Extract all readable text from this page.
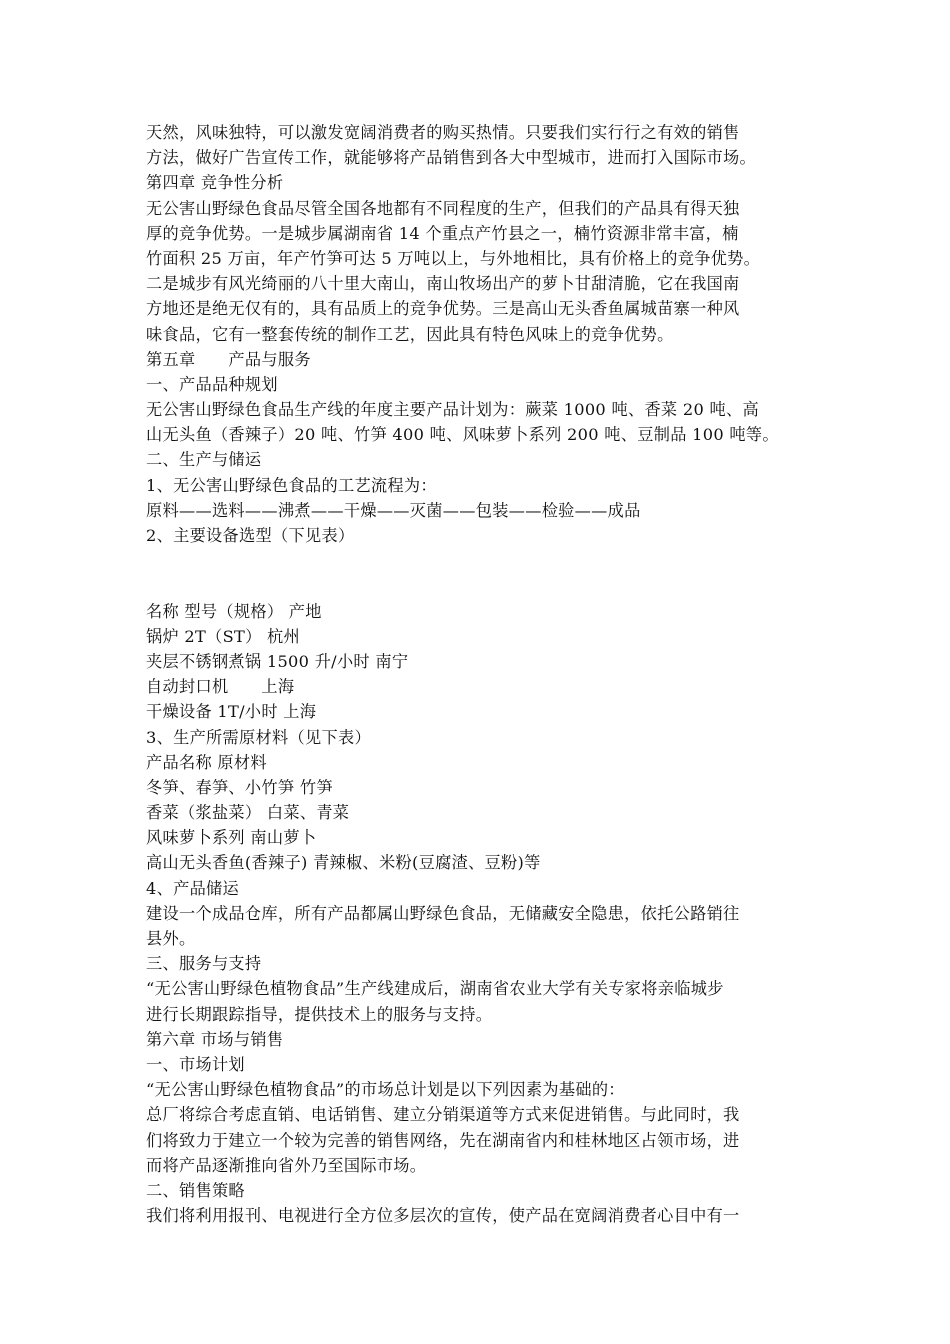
天然，风味独特，可以激发宽阔消费者的购买热情。只要我们实行行之有效的销售
方法，做好广告宣传工作，就能够将产品销售到各大中型城市，进而打入国际市场。
第四章 竞争性分析
无公害山野绿色食品尽管全国各地都有不同程度的生产，但我们的产品具有得天独
厚的竞争优势。一是城步属湖南省 14 个重点产竹县之一，楠竹资源非常丰富，楠
竹面积 25 万亩，年产竹笋可达 5 万吨以上，与外地相比，具有价格上的竞争优势。
二是城步有风光绮丽的八十里大南山，南山牧场出产的萝卜甘甜清脆，它在我国南
方地还是绝无仅有的，具有品质上的竞争优势。三是高山无头香鱼属城苗寨一种风
味食品，它有一整套传统的制作工艺，因此具有特色风味上的竞争优势。
第五章　　产品与服务
一、产品品种规划
无公害山野绿色食品生产线的年度主要产品计划为：蕨菜 1000 吨、香菜 20 吨、高
山无头鱼（香辣子）20 吨、竹笋 400 吨、风味萝卜系列 200 吨、豆制品 100 吨等。
二、生产与储运
1、无公害山野绿色食品的工艺流程为：
原料——选料——沸煮——干燥——灭菌——包装——检验——成品
2、主要设备选型（下见表）
名称 型号（规格） 产地
锅炉 2T（ST） 杭州
夹层不锈钢煮锅 1500 升/小时 南宁
自动封口机　　上海
干燥设备 1T/小时 上海
3、生产所需原材料（见下表）
产品名称 原材料
冬笋、春笋、小竹笋 竹笋
香菜（浆盐菜） 白菜、青菜
风味萝卜系列 南山萝卜
高山无头香鱼(香辣子) 青辣椒、米粉(豆腐渣、豆粉)等
4、产品储运
建设一个成品仓库，所有产品都属山野绿色食品，无储藏安全隐患，依托公路销往
县外。
三、服务与支持
“无公害山野绿色植物食品”生产线建成后，湖南省农业大学有关专家将亲临城步
进行长期跟踪指导，提供技术上的服务与支持。
第六章 市场与销售
一、市场计划
“无公害山野绿色植物食品”的市场总计划是以下列因素为基础的：
总厂将综合考虑直销、电话销售、建立分销渠道等方式来促进销售。与此同时，我
们将致力于建立一个较为完善的销售网络，先在湖南省内和桂林地区占领市场，进
而将产品逐渐推向省外乃至国际市场。
二、销售策略
我们将利用报刊、电视进行全方位多层次的宣传，使产品在宽阔消费者心目中有一
